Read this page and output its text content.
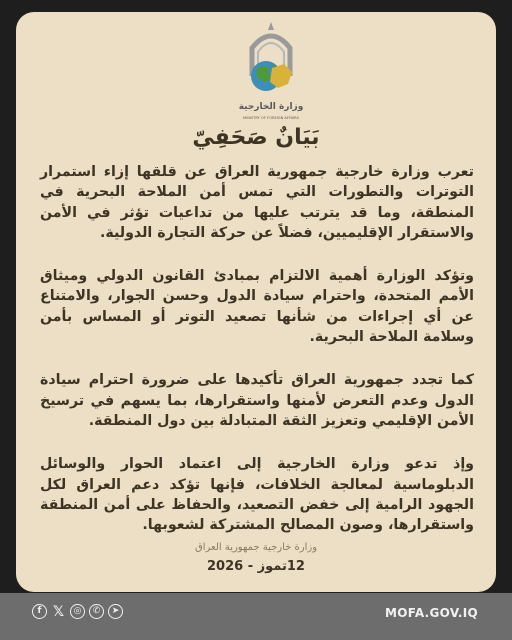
وزارة الخارجية
MINISTRY OF FOREIGN AFFAIRS
بَيَانٌ صَحَفِيّ

تعرب وزارة خارجية جمهورية العراق عن قلقها إزاء استمرار التوترات والتطورات التي تمس أمن الملاحة البحرية في المنطقة، وما قد يترتب عليها من تداعيات تؤثر في الأمن والاستقرار الإقليميين، فضلاً عن حركة التجارة الدولية.

وتؤكد الوزارة أهمية الالتزام بمبادئ القانون الدولي وميثاق الأمم المتحدة، واحترام سيادة الدول وحسن الجوار، والامتناع عن أي إجراءات من شأنها تصعيد التوتر أو المساس بأمن وسلامة الملاحة البحرية.

كما تجدد جمهورية العراق تأكيدها على ضرورة احترام سيادة الدول وعدم التعرض لأمنها واستقرارها، بما يسهم في ترسيخ الأمن الإقليمي وتعزيز الثقة المتبادلة بين دول المنطقة.

وإذ تدعو وزارة الخارجية إلى اعتماد الحوار والوسائل الدبلوماسية لمعالجة الخلافات، فإنها تؤكد دعم العراق لكل الجهود الرامية إلى خفض التصعيد، والحفاظ على أمن المنطقة واستقرارها، وصون المصالح المشتركة لشعوبها.

وزارة خارجية جمهورية العراق
12تموز - 2026
f 𝕏	◎	✆	➤	MOFA.GOV.IQ
